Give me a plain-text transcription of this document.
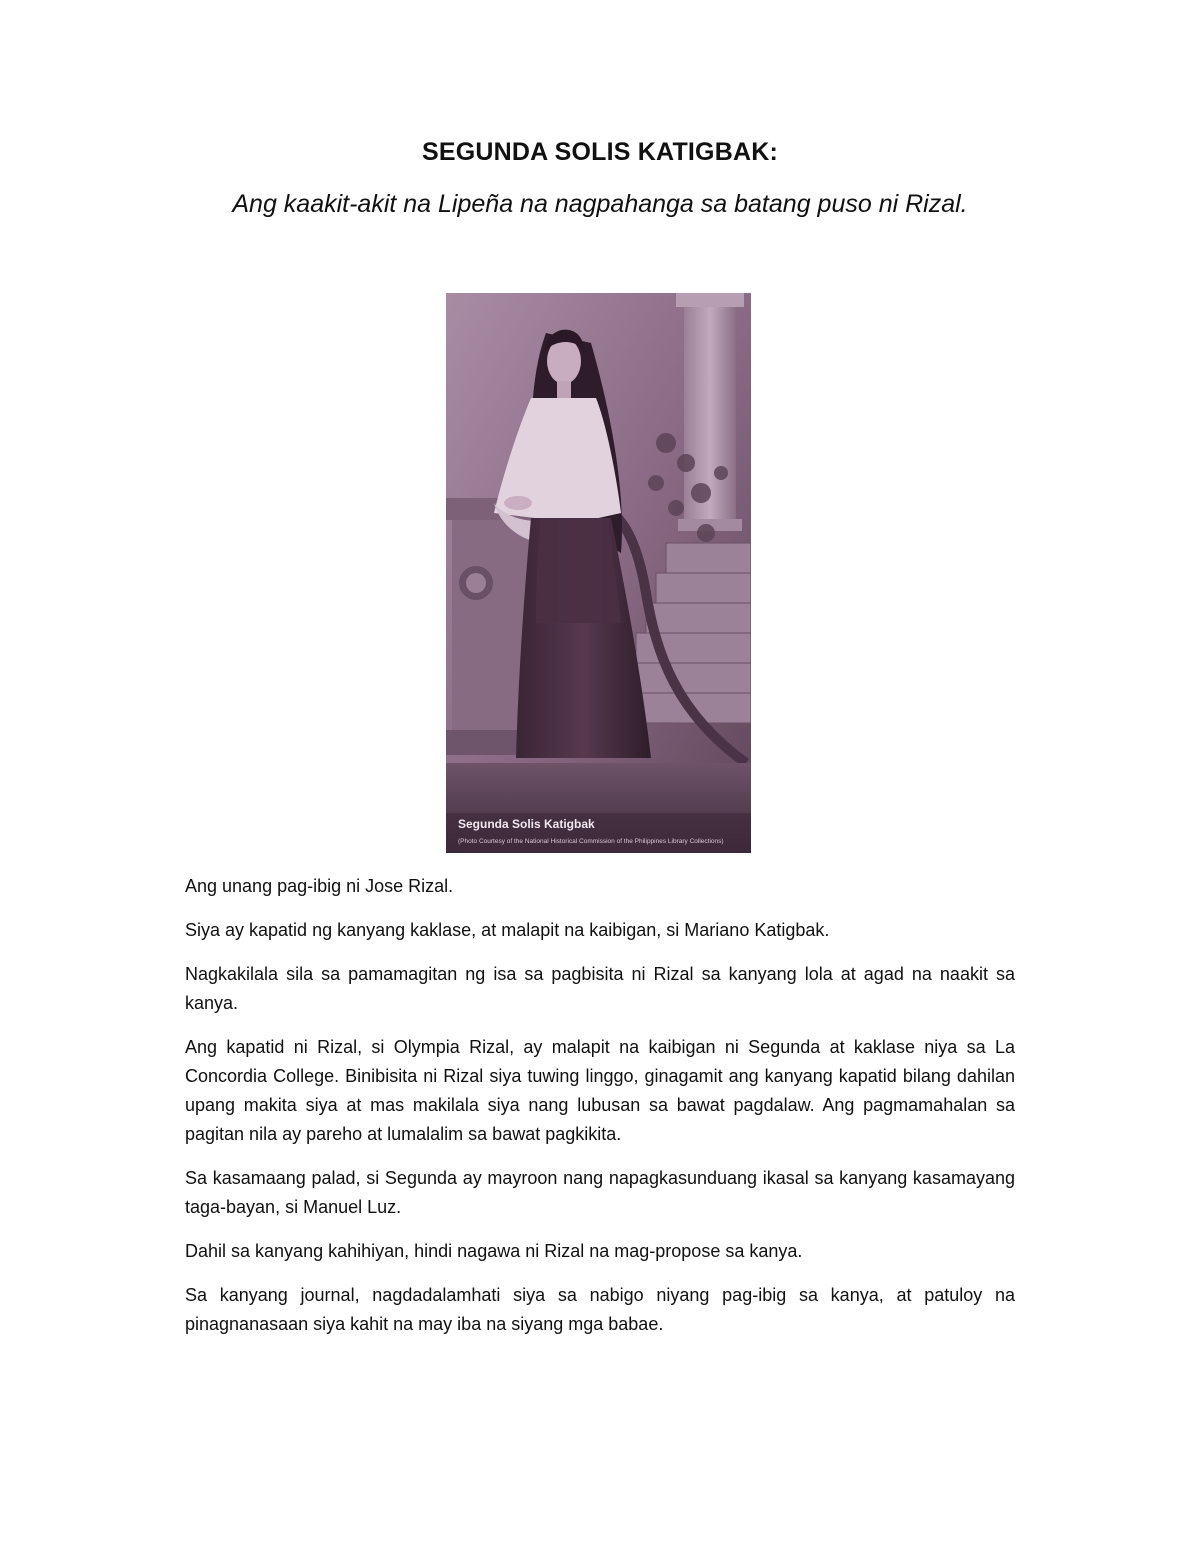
SEGUNDA SOLIS KATIGBAK:
Ang kaakit-akit na Lipeña na nagpahanga sa batang puso ni Rizal.
Segunda Solis Katigbak
(Photo Courtesy of the National Historical Commission of the Philippines Library Collections)

Ang unang pag-ibig ni Jose Rizal.

Siya ay kapatid ng kanyang kaklase, at malapit na kaibigan, si Mariano Katigbak.

Nagkakilala sila sa pamamagitan ng isa sa pagbisita ni Rizal sa kanyang lola at agad na naakit sa kanya.

Ang kapatid ni Rizal, si Olympia Rizal, ay malapit na kaibigan ni Segunda at kaklase niya sa La Concordia College. Binibisita ni Rizal siya tuwing linggo, ginagamit ang kanyang kapatid bilang dahilan upang makita siya at mas makilala siya nang lubusan sa bawat pagdalaw. Ang pagmamahalan sa pagitan nila ay pareho at lumalalim sa bawat pagkikita.

Sa kasamaang palad, si Segunda ay mayroon nang napagkasunduang ikasal sa kanyang kasamayang taga-bayan, si Manuel Luz.

Dahil sa kanyang kahihiyan, hindi nagawa ni Rizal na mag-propose sa kanya.

Sa kanyang journal, nagdadalamhati siya sa nabigo niyang pag-ibig sa kanya, at patuloy na pinagnanasaan siya kahit na may iba na siyang mga babae.
